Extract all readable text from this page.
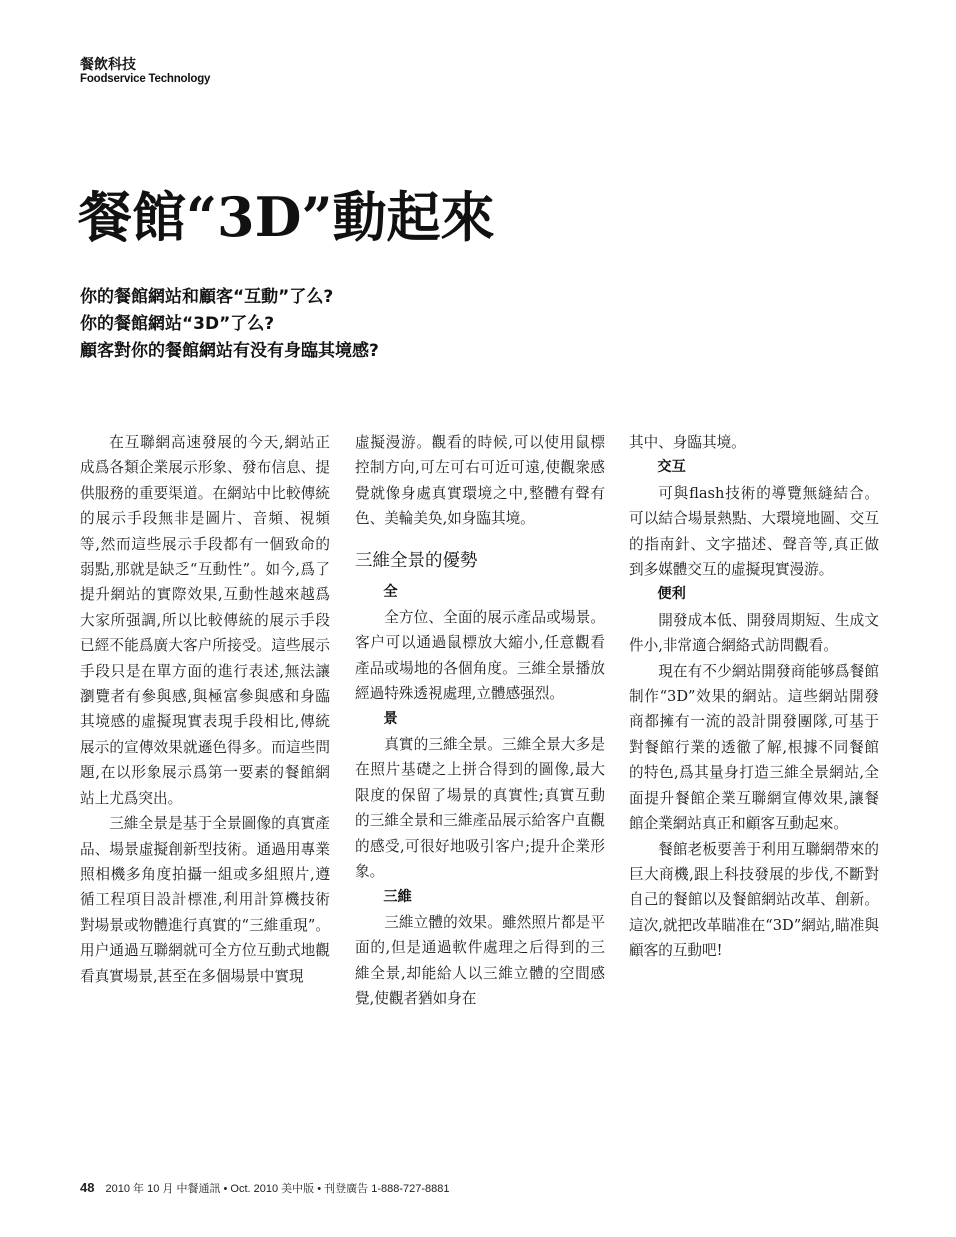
餐飲科技
Foodservice Technology
餐館“3D”動起來
你的餐館網站和顧客“互動”了么?
你的餐館網站“3D”了么?
顧客對你的餐館網站有没有身臨其境感?

在互聯網高速發展的今天,網站正成爲各類企業展示形象、發布信息、提供服務的重要渠道。在網站中比較傳統的展示手段無非是圖片、音頻、視頻等,然而這些展示手段都有一個致命的弱點,那就是缺乏“互動性”。如今,爲了提升網站的實際效果,互動性越來越爲大家所强調,所以比較傳統的展示手段已經不能爲廣大客户所接受。這些展示手段只是在單方面的進行表述,無法讓瀏覽者有參與感,與極富參與感和身臨其境感的虛擬現實表現手段相比,傳統展示的宣傳效果就遜色得多。而這些問題,在以形象展示爲第一要素的餐館網站上尤爲突出。

三維全景是基于全景圖像的真實產品、場景虛擬創新型技術。通過用專業照相機多角度拍攝一組或多組照片,遵循工程項目設計標准,利用計算機技術對場景或物體進行真實的“三維重現”。用户通過互聯網就可全方位互動式地觀看真實場景,甚至在多個場景中實現

虛擬漫游。觀看的時候,可以使用鼠標控制方向,可左可右可近可遠,使觀衆感覺就像身處真實環境之中,整體有聲有色、美輪美奂,如身臨其境。

三維全景的優勢
全

全方位、全面的展示產品或場景。客户可以通過鼠標放大縮小,任意觀看產品或場地的各個角度。三維全景播放經過特殊透視處理,立體感强烈。

景

真實的三維全景。三維全景大多是在照片基礎之上拼合得到的圖像,最大限度的保留了場景的真實性;真實互動的三維全景和三維產品展示給客户直觀的感受,可很好地吸引客户;提升企業形象。

三維

三維立體的效果。雖然照片都是平面的,但是通過軟件處理之后得到的三維全景,却能給人以三維立體的空間感覺,使觀者猶如身在

其中、身臨其境。

交互

可與flash技術的導覽無縫結合。可以結合場景熱點、大環境地圖、交互的指南針、文字描述、聲音等,真正做到多媒體交互的虛擬現實漫游。

便利

開發成本低、開發周期短、生成文件小,非常適合網絡式訪問觀看。

現在有不少網站開發商能够爲餐館制作“3D”效果的網站。這些網站開發商都擁有一流的設計開發團隊,可基于對餐館行業的透徹了解,根據不同餐館的特色,爲其量身打造三維全景網站,全面提升餐館企業互聯網宣傳效果,讓餐館企業網站真正和顧客互動起來。

餐館老板要善于利用互聯網帶來的巨大商機,跟上科技發展的步伐,不斷對自己的餐館以及餐館網站改革、創新。這次,就把改革瞄准在“3D”網站,瞄准與顧客的互動吧!

48 2010 年 10 月 中餐通訊 • Oct. 2010 美中版 • 刊登廣告 1-888-727-8881
